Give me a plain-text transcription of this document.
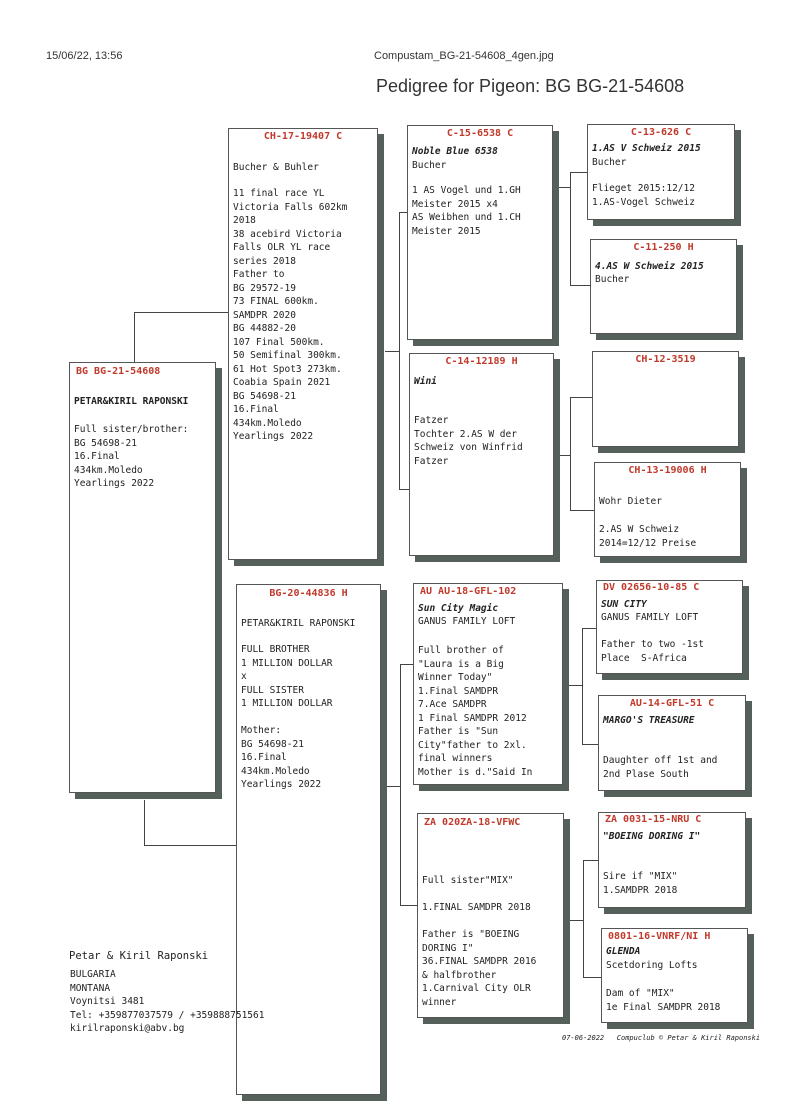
15/06/22, 13:56	Compustam_BG-21-54608_4gen.jpg
Pedigree for Pigeon: BG BG-21-54608
BG BG-21-54608
PETAR&KIRIL RAPONSKI
Full sister/brother:
BG 54698-21
16.Final
434km.Moledo
Yearlings 2022
CH-17-19407 C
Bucher & Buhler
11 final race YL
Victoria Falls 602km
2018
38 acebird Victoria
Falls OLR YL race
series 2018
Father to
BG 29572-19
73 FINAL 600km.
SAMDPR 2020
BG 44882-20
107 Final 500km.
50 Semifinal 300km.
61 Hot Spot3 273km.
Coabia Spain 2021
BG 54698-21
16.Final
434km.Moledo
Yearlings 2022
BG-20-44836 H
PETAR&KIRIL RAPONSKI
FULL BROTHER
1 MILLION DOLLAR
x
FULL SISTER
1 MILLION DOLLAR

Mother:
BG 54698-21
16.Final
434km.Moledo
Yearlings 2022
C-15-6538 C
Noble Blue 6538
Bucher
1 AS Vogel und 1.GH
Meister 2015 x4
AS Weibhen und 1.CH
Meister 2015
C-14-12189 H
Wini
Fatzer
Tochter 2.AS W der
Schweiz von Winfrid
Fatzer
AU AU-18-GFL-102
Sun City Magic
GANUS FAMILY LOFT
Full brother of
"Laura is a Big
Winner Today"
1.Final SAMDPR
7.Ace SAMDPR
1 Final SAMDPR 2012
Father is "Sun
City"father to 2xl.
final winners
Mother is d."Said In
ZA 020ZA-18-VFWC
Full sister"MIX"

1.FINAL SAMDPR 2018

Father is "BOEING
DORING I"
36.FINAL SAMDPR 2016
& halfbrother
1.Carnival City OLR
winner
C-13-626 C
1.AS V Schweiz 2015
Bucher
Flieget 2015:12/12
1.AS-Vogel Schweiz
C-11-250 H
4.AS W Schweiz 2015
Bucher
CH-12-3519
CH-13-19006 H
Wohr Dieter
2.AS W Schweiz
2014=12/12 Preise
DV 02656-10-85 C
SUN CITY
GANUS FAMILY LOFT
Father to two -1st
Place  S-Africa
AU-14-GFL-51 C
MARGO'S TREASURE
Daughter off 1st and
2nd Plase South
ZA 0031-15-NRU C
"BOEING DORING I"
Sire if "MIX"
1.SAMDPR 2018
0801-16-VNRF/NI H
GLENDA
Scetdoring Lofts
Dam of "MIX"
1e Final SAMDPR 2018
Petar & Kiril Raponski
BULGARIA
MONTANA
Voynitsi 3481
Tel: +359877037579 / +359888751561
kirilraponski@abv.bg
07-06-2022   Compuclub © Petar & Kiril Raponski
